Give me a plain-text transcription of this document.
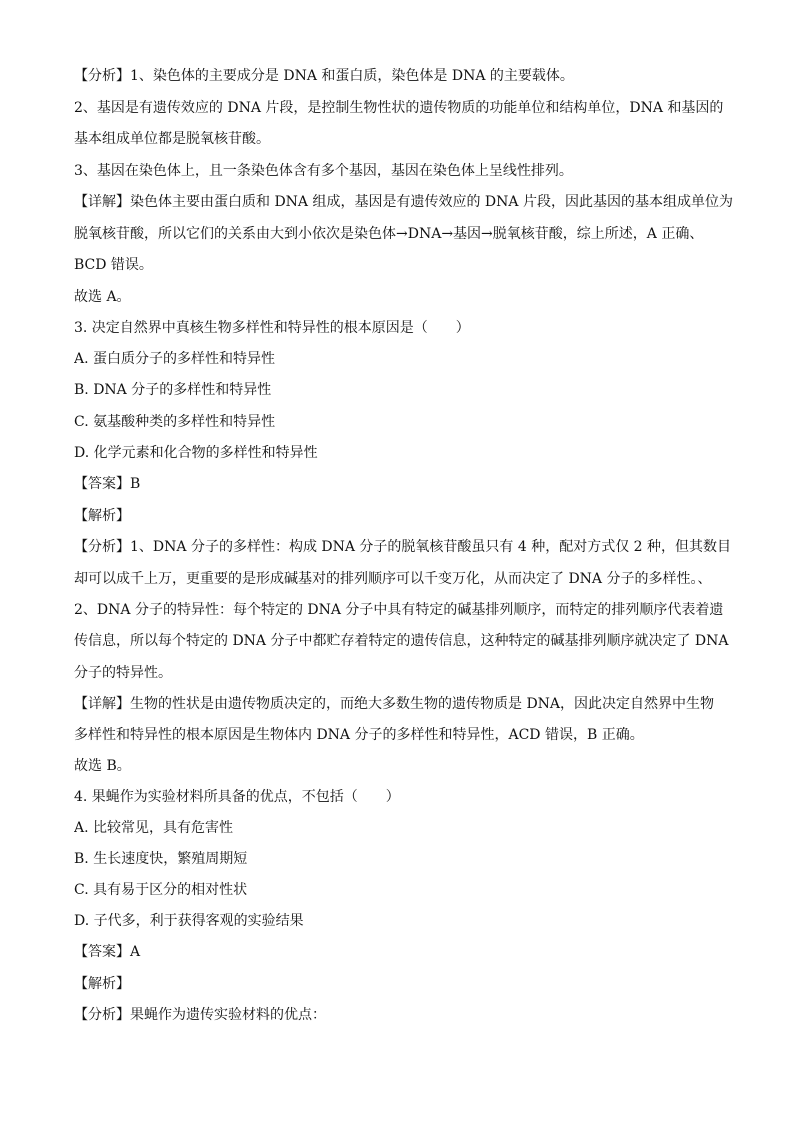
【分析】1、染色体的主要成分是 DNA 和蛋白质，染色体是 DNA 的主要载体。
2、基因是有遗传效应的 DNA 片段，是控制生物性状的遗传物质的功能单位和结构单位，DNA 和基因的
基本组成单位都是脱氧核苷酸。
3、基因在染色体上，且一条染色体含有多个基因，基因在染色体上呈线性排列。
【详解】染色体主要由蛋白质和 DNA 组成，基因是有遗传效应的 DNA 片段，因此基因的基本组成单位为
脱氧核苷酸，所以它们的关系由大到小依次是染色体→DNA→基因→脱氧核苷酸，综上所述，A 正确、
BCD 错误。
故选 A。
3. 决定自然界中真核生物多样性和特异性的根本原因是（　　）
A. 蛋白质分子的多样性和特异性
B. DNA 分子的多样性和特异性
C. 氨基酸种类的多样性和特异性
D. 化学元素和化合物的多样性和特异性
【答案】B
【解析】
【分析】1、DNA 分子的多样性：构成 DNA 分子的脱氧核苷酸虽只有 4 种，配对方式仅 2 种，但其数目
却可以成千上万，更重要的是形成碱基对的排列顺序可以千变万化，从而决定了 DNA 分子的多样性。、
2、DNA 分子的特异性：每个特定的 DNA 分子中具有特定的碱基排列顺序，而特定的排列顺序代表着遗
传信息，所以每个特定的 DNA 分子中都贮存着特定的遗传信息，这种特定的碱基排列顺序就决定了 DNA
分子的特异性。
【详解】生物的性状是由遗传物质决定的，而绝大多数生物的遗传物质是 DNA，因此决定自然界中生物
多样性和特异性的根本原因是生物体内 DNA 分子的多样性和特异性，ACD 错误，B 正确。
故选 B。
4. 果蝇作为实验材料所具备的优点，不包括（　　）
A. 比较常见，具有危害性
B. 生长速度快，繁殖周期短
C. 具有易于区分的相对性状
D. 子代多，利于获得客观的实验结果
【答案】A
【解析】
【分析】果蝇作为遗传实验材料的优点：
